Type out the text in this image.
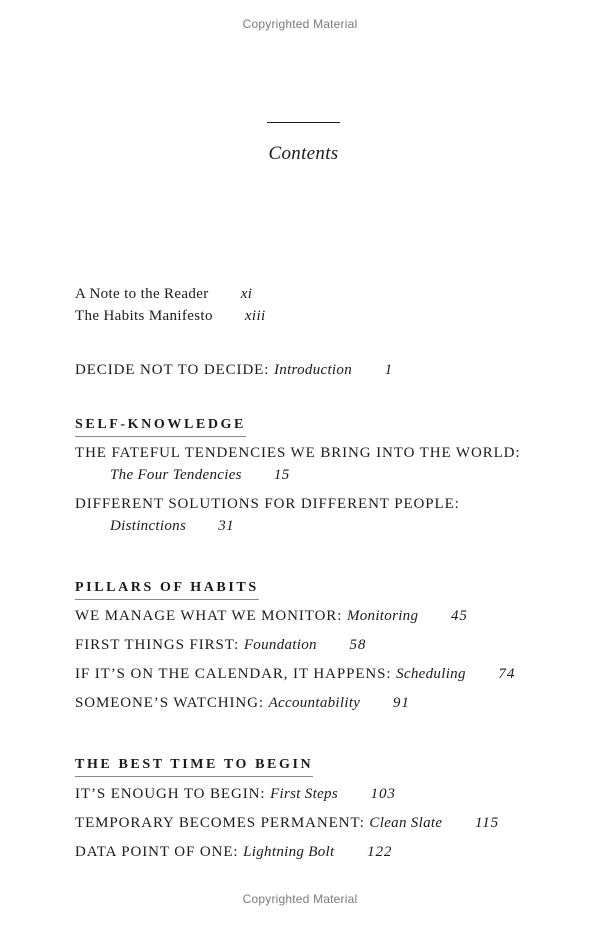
Copyrighted Material
Contents
A Note to the Reader xi
The Habits Manifesto xiii
DECIDE NOT TO DECIDE: Introduction 1
SELF-KNOWLEDGE
THE FATEFUL TENDENCIES WE BRING INTO THE WORLD:
The Four Tendencies 15
DIFFERENT SOLUTIONS FOR DIFFERENT PEOPLE:
Distinctions 31
PILLARS OF HABITS
WE MANAGE WHAT WE MONITOR: Monitoring 45
FIRST THINGS FIRST: Foundation 58
IF IT’S ON THE CALENDAR, IT HAPPENS: Scheduling 74
SOMEONE’S WATCHING: Accountability 91
THE BEST TIME TO BEGIN
IT’S ENOUGH TO BEGIN: First Steps 103
TEMPORARY BECOMES PERMANENT: Clean Slate 115
DATA POINT OF ONE: Lightning Bolt 122
Copyrighted Material
